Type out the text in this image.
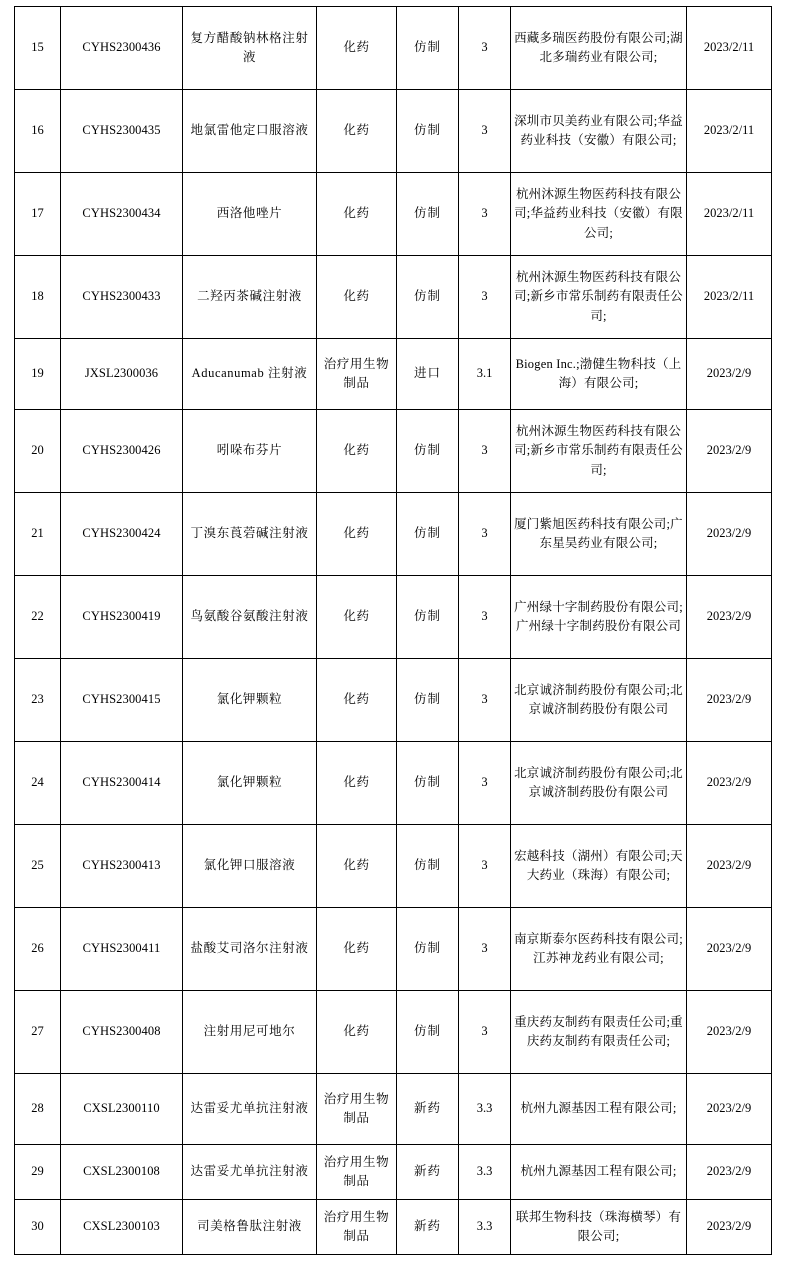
15	CYHS2300436	复方醋酸钠林格注射液	化药	仿制	3	西藏多瑞医药股份有限公司;湖北多瑞药业有限公司;	2023/2/11
16	CYHS2300435	地氯雷他定口服溶液	化药	仿制	3	深圳市贝美药业有限公司;华益药业科技（安徽）有限公司;	2023/2/11
17	CYHS2300434	西洛他唑片	化药	仿制	3	杭州沐源生物医药科技有限公司;华益药业科技（安徽）有限公司;	2023/2/11
18	CYHS2300433	二羟丙茶碱注射液	化药	仿制	3	杭州沐源生物医药科技有限公司;新乡市常乐制药有限责任公司;	2023/2/11
19	JXSL2300036	Aducanumab 注射液	治疗用生物制品	进口	3.1	Biogen Inc.;渤健生物科技（上海）有限公司;	2023/2/9
20	CYHS2300426	吲哚布芬片	化药	仿制	3	杭州沐源生物医药科技有限公司;新乡市常乐制药有限责任公司;	2023/2/9
21	CYHS2300424	丁溴东莨菪碱注射液	化药	仿制	3	厦门紫旭医药科技有限公司;广东星昊药业有限公司;	2023/2/9
22	CYHS2300419	鸟氨酸谷氨酸注射液	化药	仿制	3	广州绿十字制药股份有限公司;广州绿十字制药股份有限公司	2023/2/9
23	CYHS2300415	氯化钾颗粒	化药	仿制	3	北京诚济制药股份有限公司;北京诚济制药股份有限公司	2023/2/9
24	CYHS2300414	氯化钾颗粒	化药	仿制	3	北京诚济制药股份有限公司;北京诚济制药股份有限公司	2023/2/9
25	CYHS2300413	氯化钾口服溶液	化药	仿制	3	宏越科技（湖州）有限公司;天大药业（珠海）有限公司;	2023/2/9
26	CYHS2300411	盐酸艾司洛尔注射液	化药	仿制	3	南京斯泰尔医药科技有限公司;江苏神龙药业有限公司;	2023/2/9
27	CYHS2300408	注射用尼可地尔	化药	仿制	3	重庆药友制药有限责任公司;重庆药友制药有限责任公司;	2023/2/9
28	CXSL2300110	达雷妥尤单抗注射液	治疗用生物制品	新药	3.3	杭州九源基因工程有限公司;	2023/2/9
29	CXSL2300108	达雷妥尤单抗注射液	治疗用生物制品	新药	3.3	杭州九源基因工程有限公司;	2023/2/9
30	CXSL2300103	司美格鲁肽注射液	治疗用生物制品	新药	3.3	联邦生物科技（珠海横琴）有限公司;	2023/2/9
